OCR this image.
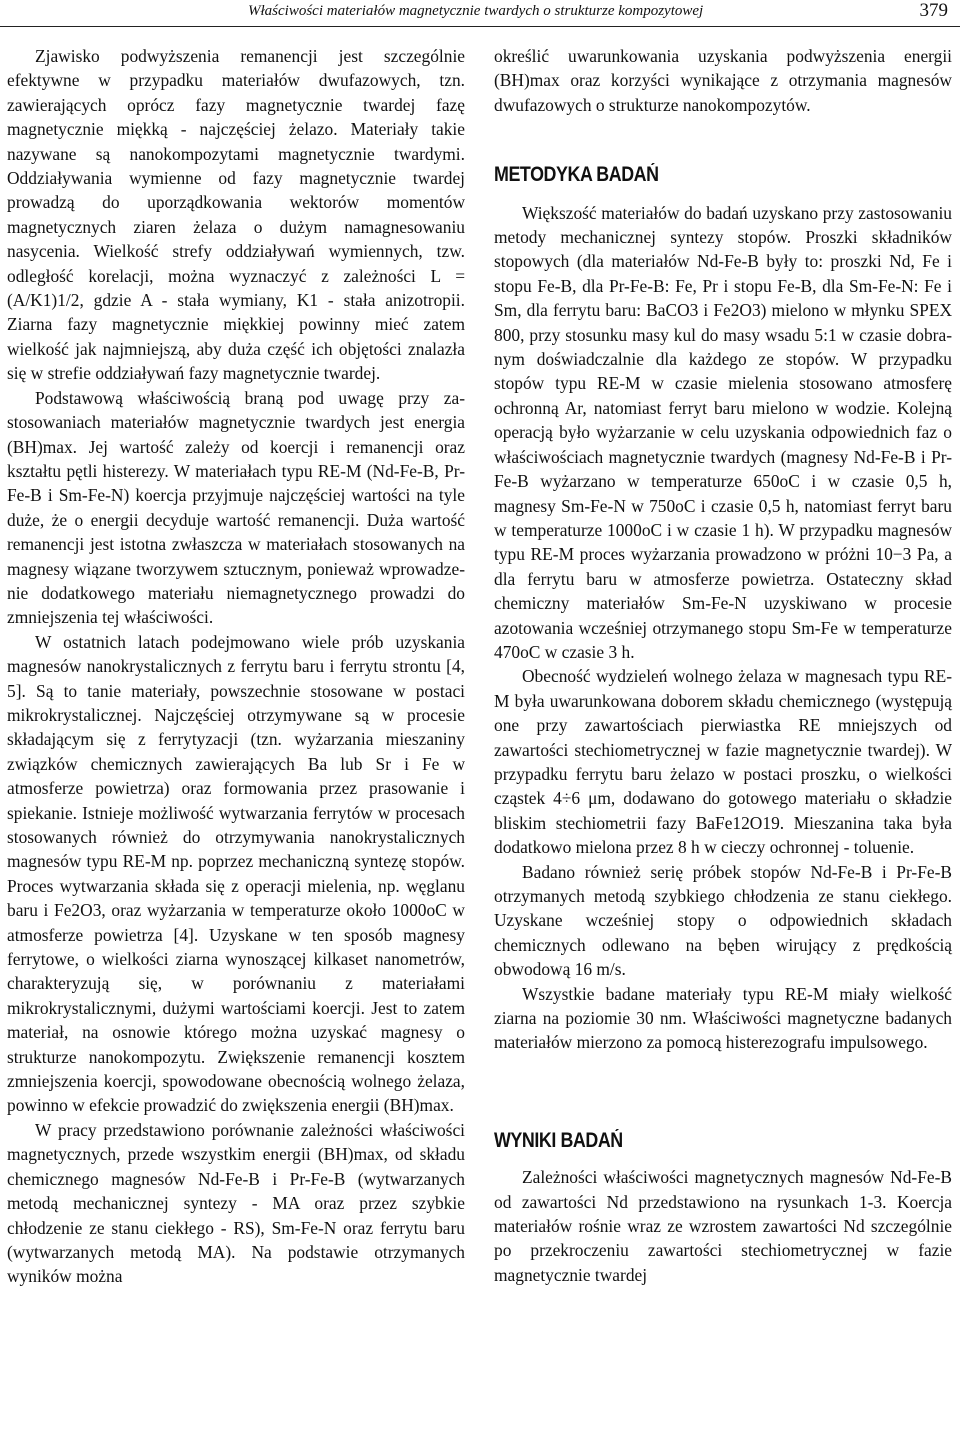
Właściwości materiałów magnetycznie twardych o strukturze kompozytowej	379

Zjawisko podwyższenia remanencji jest szczególnie efektywne w przypadku materiałów dwufazowych, tzn. zawierających oprócz fazy magnetycznie twardej fazę magnetycznie miękką - najczęściej żelazo. Materiały takie nazywane są nanokompozytami magnetycznie twardymi. Oddziaływania wymienne od fazy magnetycznie twardej prowadzą do uporządkowania wektorów momentów magnetycznych ziaren żelaza o dużym namagnesowaniu nasycenia. Wielkość strefy oddziaływań wymiennych, tzw. odległość korelacji, można wyznaczyć z zależności L = (A/K1)1/2, gdzie A - stała wymiany, K1 - stała anizotropii. Ziarna fazy magnetycznie miękkiej powinny mieć zatem wielkość jak najmniejszą, aby duża część ich objętości znalazła się w strefie oddziaływań fazy magnetycznie twardej.

Podstawową właściwością braną pod uwagę przy zastosowaniach materiałów magnetycznie twardych jest energia (BH)max. Jej wartość zależy od koercji i remanencji oraz kształtu pętli histerezy. W materiałach typu RE-M (Nd-Fe-B, Pr-Fe-B i Sm-Fe-N) koercja przyjmuje najczęściej wartości na tyle duże, że o energii decyduje wartość remanencji. Duża wartość remanencji jest istotna zwłaszcza w materiałach stosowanych na magnesy wiązane tworzywem sztucznym, ponieważ wprowadzenie dodatkowego materiału niemagnetycznego prowadzi do zmniejszenia tej właściwości.

W ostatnich latach podejmowano wiele prób uzyskania magnesów nanokrystalicznych z ferrytu baru i ferrytu strontu [4, 5]. Są to tanie materiały, powszechnie stosowane w postaci mikrokrystalicznej. Najczęściej otrzymywane są w procesie składającym się z ferrytyzacji (tzn. wyżarzania mieszaniny związków chemicznych zawierających Ba lub Sr i Fe w atmosferze powietrza) oraz formowania przez prasowanie i spiekanie. Istnieje możliwość wytwarzania ferrytów w procesach stosowanych również do otrzymywania nanokrystalicznych magnesów typu RE-M np. poprzez mechaniczną syntezę stopów. Proces wytwarzania składa się z operacji mielenia, np. węglanu baru i Fe2O3, oraz wyżarzania w temperaturze około 1000oC w atmosferze powietrza [4]. Uzyskane w ten sposób magnesy ferrytowe, o wielkości ziarna wynoszącej kilkaset nanometrów, charakteryzują się, w porównaniu z materiałami mikrokrystalicznymi, dużymi wartościami koercji. Jest to zatem materiał, na osnowie którego można uzyskać magnesy o strukturze nanokompozytu. Zwiększenie remanencji kosztem zmniejszenia koercji, spowodowane obecnością wolnego żelaza, powinno w efekcie prowadzić do zwiększenia energii (BH)max.

W pracy przedstawiono porównanie zależności właściwości magnetycznych, przede wszystkim energii (BH)max, od składu chemicznego magnesów Nd-Fe-B i Pr-Fe-B (wytwarzanych metodą mechanicznej syntezy - MA oraz przez szybkie chłodzenie ze stanu ciekłego - RS), Sm-Fe-N oraz ferrytu baru (wytwarzanych metodą MA). Na podstawie otrzymanych wyników można

określić uwarunkowania uzyskania podwyższenia energii (BH)max oraz korzyści wynikające z otrzymania magnesów dwufazowych o strukturze nanokompozytów.

METODYKA BADAŃ

Większość materiałów do badań uzyskano przy zastosowaniu metody mechanicznej syntezy stopów. Proszki składników stopowych (dla materiałów Nd-Fe-B były to: proszki Nd, Fe i stopu Fe-B, dla Pr-Fe-B: Fe, Pr i stopu Fe-B, dla Sm-Fe-N: Fe i Sm, dla ferrytu baru: BaCO3 i Fe2O3) mielono w młynku SPEX 800, przy stosunku masy kul do masy wsadu 5:1 w czasie dobranym doświadczalnie dla każdego ze stopów. W przypadku stopów typu RE-M w czasie mielenia stosowano atmosferę ochronną Ar, natomiast ferryt baru mielono w wodzie. Kolejną operacją było wyżarzanie w celu uzyskania odpowiednich faz o właściwościach magnetycznie twardych (magnesy Nd-Fe-B i Pr-Fe-B wyżarzano w temperaturze 650oC i w czasie 0,5 h, magnesy Sm-Fe-N w 750oC i czasie 0,5 h, natomiast ferryt baru w temperaturze 1000oC i w czasie 1 h). W przypadku magnesów typu RE-M proces wyżarzania prowadzono w próżni 10−3 Pa, a dla ferrytu baru w atmosferze powietrza. Ostateczny skład chemiczny materiałów Sm-Fe-N uzyskiwano w procesie azotowania wcześniej otrzymanego stopu Sm-Fe w temperaturze 470oC w czasie 3 h.

Obecność wydzieleń wolnego żelaza w magnesach typu RE-M była uwarunkowana doborem składu chemicznego (występują one przy zawartościach pierwiastka RE mniejszych od zawartości stechiometrycznej w fazie magnetycznie twardej). W przypadku ferrytu baru żelazo w postaci proszku, o wielkości cząstek 4÷6 μm, dodawano do gotowego materiału o składzie bliskim stechiometrii fazy BaFe12O19. Mieszanina taka była dodatkowo mielona przez 8 h w cieczy ochronnej - toluenie.

Badano również serię próbek stopów Nd-Fe-B i Pr-Fe-B otrzymanych metodą szybkiego chłodzenia ze stanu ciekłego. Uzyskane wcześniej stopy o odpowiednich składach chemicznych odlewano na bęben wirujący z prędkością obwodową 16 m/s.

Wszystkie badane materiały typu RE-M miały wielkość ziarna na poziomie 30 nm. Właściwości magnetyczne badanych materiałów mierzono za pomocą histerezografu impulsowego.

WYNIKI BADAŃ

Zależności właściwości magnetycznych magnesów Nd-Fe-B od zawartości Nd przedstawiono na rysunkach 1-3. Koercja materiałów rośnie wraz ze wzrostem zawartości Nd szczególnie po przekroczeniu zawartości stechiometrycznej w fazie magnetycznie twardej
